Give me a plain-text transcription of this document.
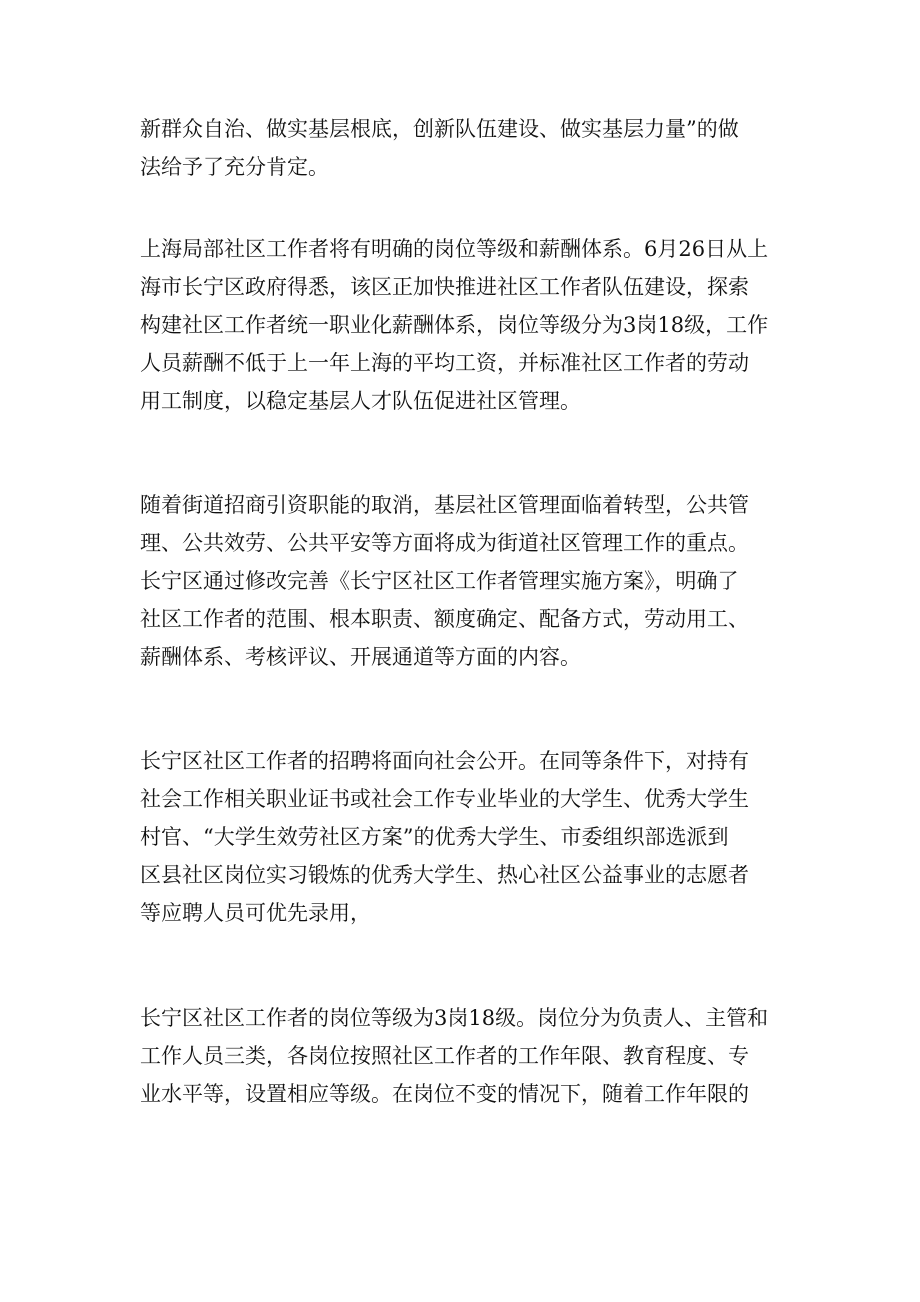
新群众自治、做实基层根底，创新队伍建设、做实基层力量”的做
法给予了充分肯定。

上海局部社区工作者将有明确的岗位等级和薪酬体系。6月26日从上
海市长宁区政府得悉，该区正加快推进社区工作者队伍建设，探索
构建社区工作者统一职业化薪酬体系，岗位等级分为3岗18级，工作
人员薪酬不低于上一年上海的平均工资，并标准社区工作者的劳动
用工制度，以稳定基层人才队伍促进社区管理。

随着街道招商引资职能的取消，基层社区管理面临着转型，公共管
理、公共效劳、公共平安等方面将成为街道社区管理工作的重点。
长宁区通过修改完善《长宁区社区工作者管理实施方案》，明确了
社区工作者的范围、根本职责、额度确定、配备方式，劳动用工、
薪酬体系、考核评议、开展通道等方面的内容。

长宁区社区工作者的招聘将面向社会公开。在同等条件下，对持有
社会工作相关职业证书或社会工作专业毕业的大学生、优秀大学生
村官、“大学生效劳社区方案”的优秀大学生、市委组织部选派到
区县社区岗位实习锻炼的优秀大学生、热心社区公益事业的志愿者
等应聘人员可优先录用，

长宁区社区工作者的岗位等级为3岗18级。岗位分为负责人、主管和
工作人员三类，各岗位按照社区工作者的工作年限、教育程度、专
业水平等，设置相应等级。在岗位不变的情况下，随着工作年限的
